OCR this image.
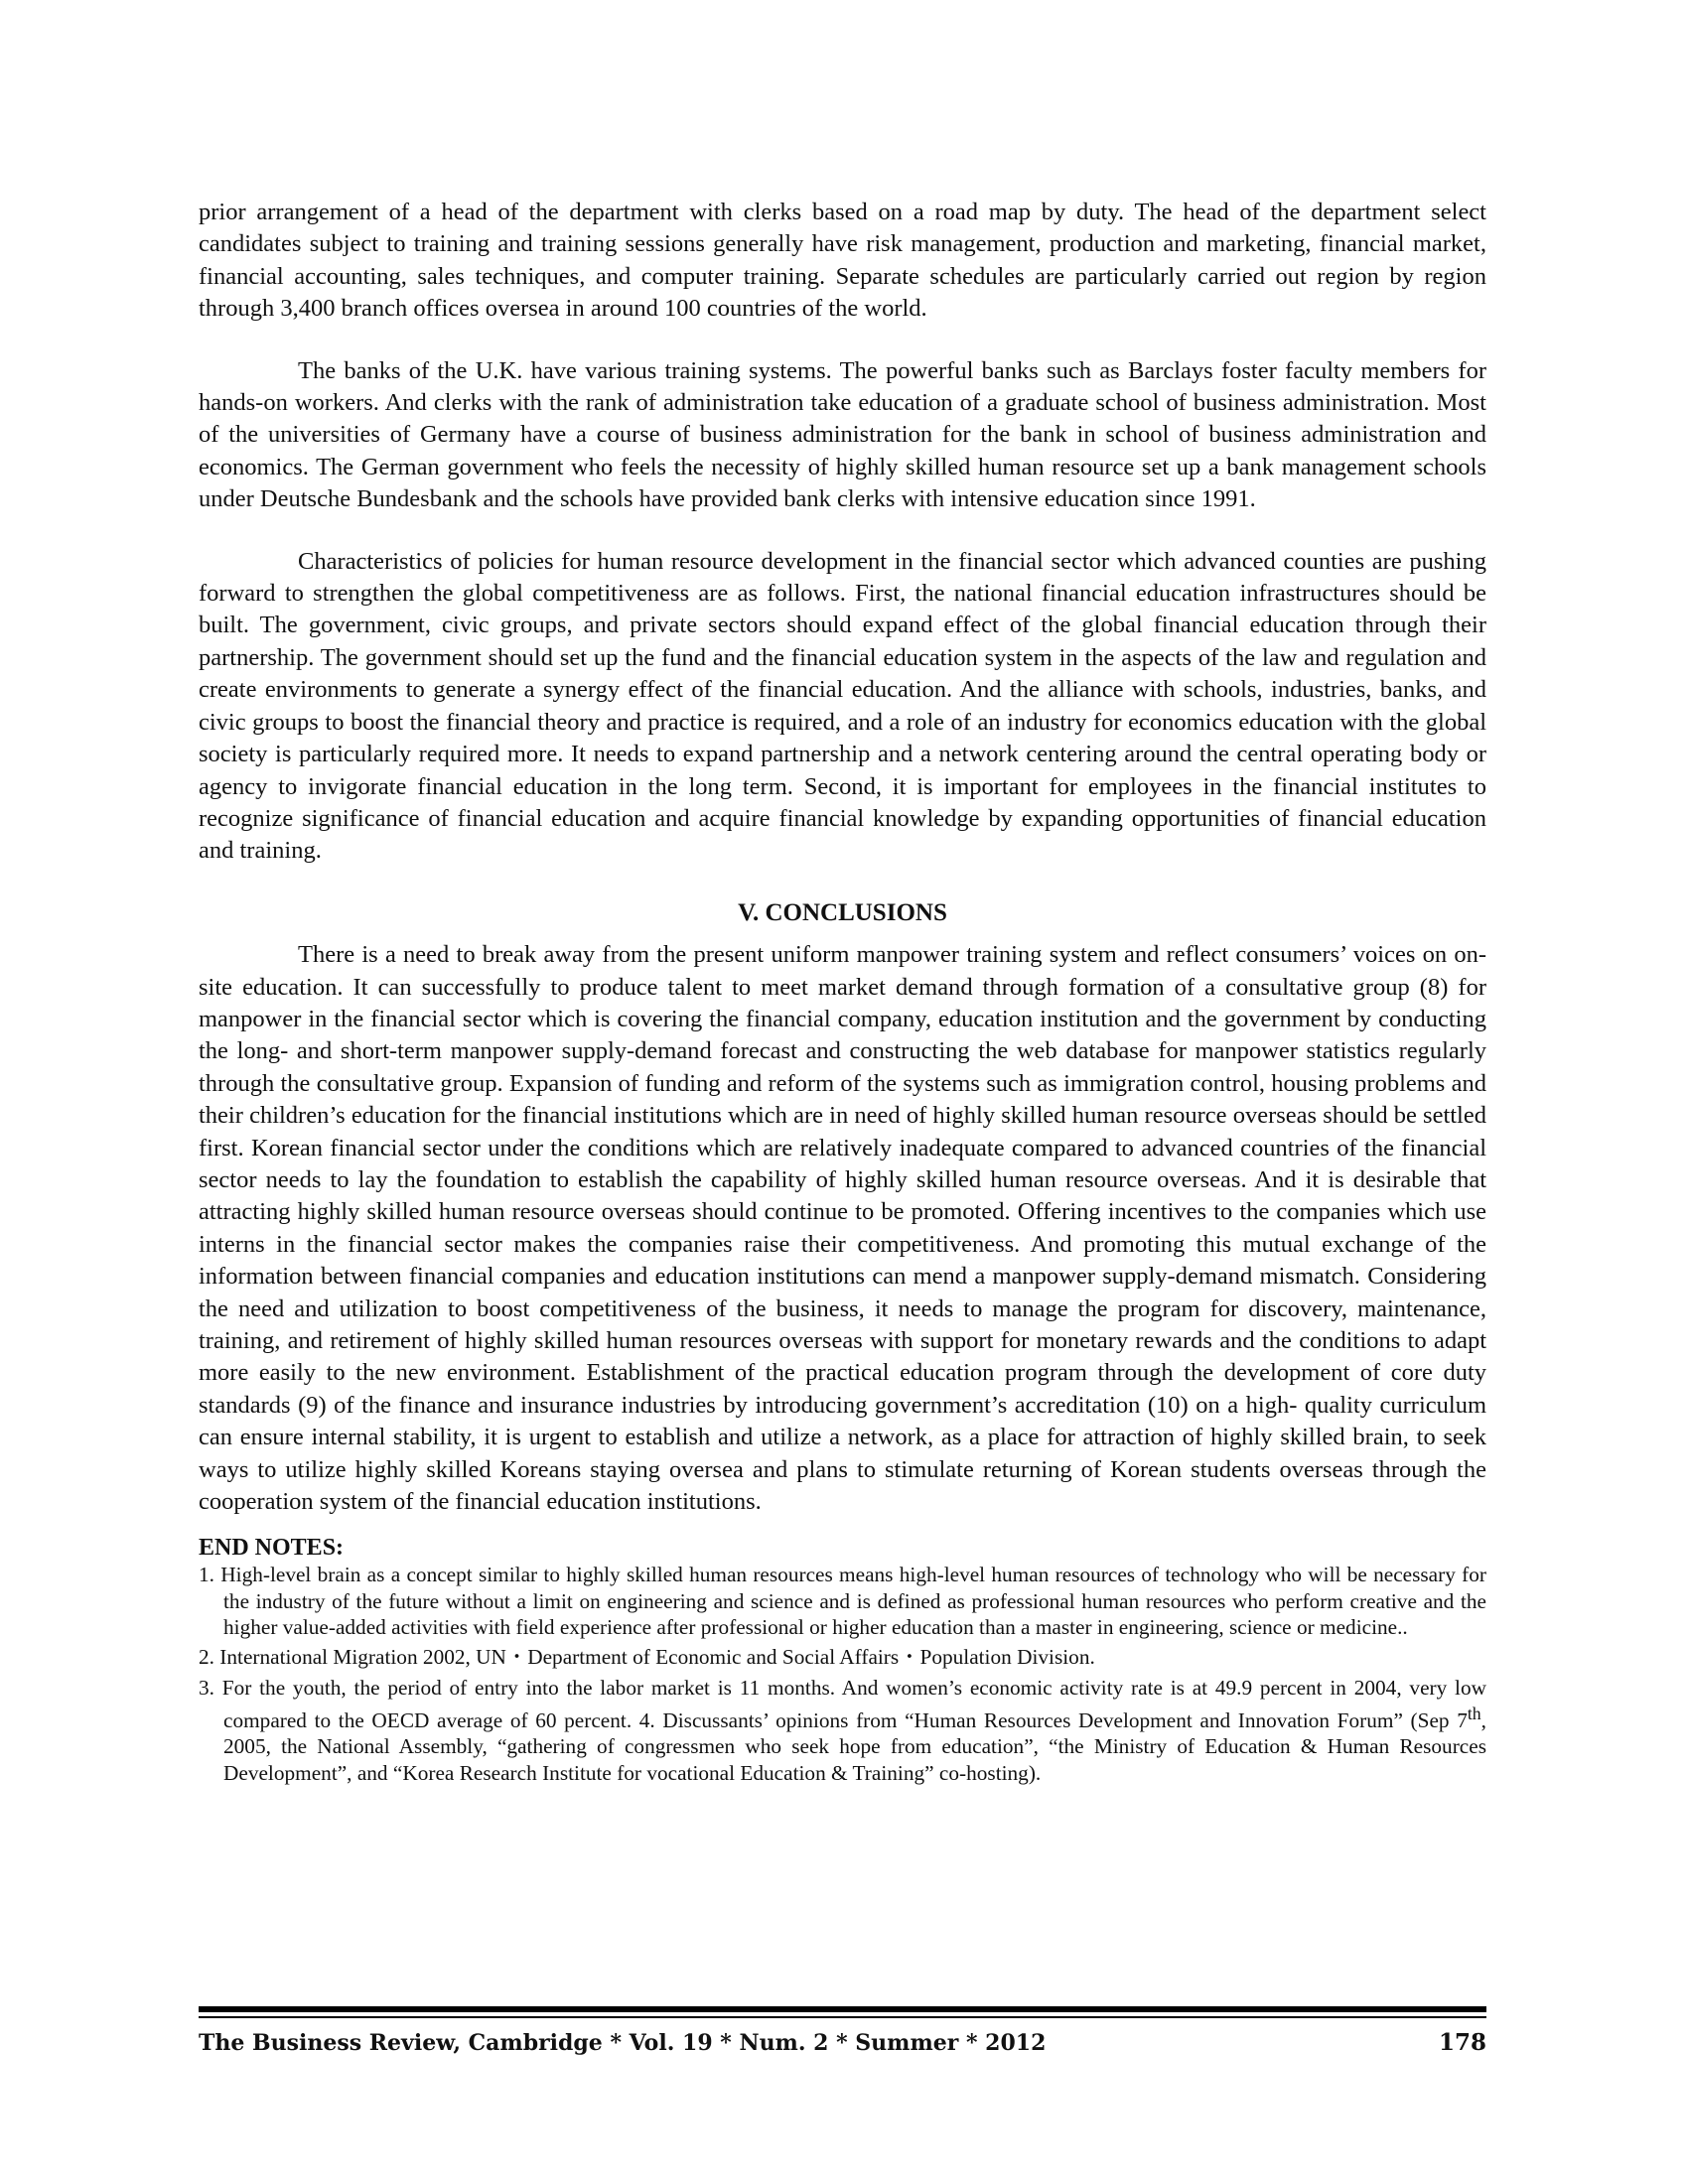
prior arrangement of a head of the department with clerks based on a road map by duty. The head of the department select candidates subject to training and training sessions generally have risk management, production and marketing, financial market, financial accounting, sales techniques, and computer training. Separate schedules are particularly carried out region by region through 3,400 branch offices oversea in around 100 countries of the world.

The banks of the U.K. have various training systems. The powerful banks such as Barclays foster faculty members for hands-on workers. And clerks with the rank of administration take education of a graduate school of business administration. Most of the universities of Germany have a course of business administration for the bank in school of business administration and economics. The German government who feels the necessity of highly skilled human resource set up a bank management schools under Deutsche Bundesbank and the schools have provided bank clerks with intensive education since 1991.

Characteristics of policies for human resource development in the financial sector which advanced counties are pushing forward to strengthen the global competitiveness are as follows. First, the national financial education infrastructures should be built. The government, civic groups, and private sectors should expand effect of the global financial education through their partnership. The government should set up the fund and the financial education system in the aspects of the law and regulation and create environments to generate a synergy effect of the financial education. And the alliance with schools, industries, banks, and civic groups to boost the financial theory and practice is required, and a role of an industry for economics education with the global society is particularly required more. It needs to expand partnership and a network centering around the central operating body or agency to invigorate financial education in the long term. Second, it is important for employees in the financial institutes to recognize significance of financial education and acquire financial knowledge by expanding opportunities of financial education and training.

V. CONCLUSIONS

There is a need to break away from the present uniform manpower training system and reflect consumers’ voices on on-site education. It can successfully to produce talent to meet market demand through formation of a consultative group (8) for manpower in the financial sector which is covering the financial company, education institution and the government by conducting the long- and short-term manpower supply-demand forecast and constructing the web database for manpower statistics regularly through the consultative group. Expansion of funding and reform of the systems such as immigration control, housing problems and their children’s education for the financial institutions which are in need of highly skilled human resource overseas should be settled first. Korean financial sector under the conditions which are relatively inadequate compared to advanced countries of the financial sector needs to lay the foundation to establish the capability of highly skilled human resource overseas. And it is desirable that attracting highly skilled human resource overseas should continue to be promoted. Offering incentives to the companies which use interns in the financial sector makes the companies raise their competitiveness. And promoting this mutual exchange of the information between financial companies and education institutions can mend a manpower supply-demand mismatch. Considering the need and utilization to boost competitiveness of the business, it needs to manage the program for discovery, maintenance, training, and retirement of highly skilled human resources overseas with support for monetary rewards and the conditions to adapt more easily to the new environment. Establishment of the practical education program through the development of core duty standards (9) of the finance and insurance industries by introducing government’s accreditation (10) on a high- quality curriculum can ensure internal stability, it is urgent to establish and utilize a network, as a place for attraction of highly skilled brain, to seek ways to utilize highly skilled Koreans staying oversea and plans to stimulate returning of Korean students overseas through the cooperation system of the financial education institutions.

END NOTES:
1. High-level brain as a concept similar to highly skilled human resources means high-level human resources of technology who will be necessary for the industry of the future without a limit on engineering and science and is defined as professional human resources who perform creative and the higher value-added activities with field experience after professional or higher education than a master in engineering, science or medicine..
2. International Migration 2002, UN・Department of Economic and Social Affairs・Population Division.
3. For the youth, the period of entry into the labor market is 11 months. And women’s economic activity rate is at 49.9 percent in 2004, very low compared to the OECD average of 60 percent. 4. Discussants’ opinions from “Human Resources Development and Innovation Forum” (Sep 7th, 2005, the National Assembly, “gathering of congressmen who seek hope from education”, “the Ministry of Education & Human Resources Development”, and “Korea Research Institute for vocational Education & Training” co-hosting).
The Business Review, Cambridge * Vol. 19 * Num. 2 * Summer * 2012	178
